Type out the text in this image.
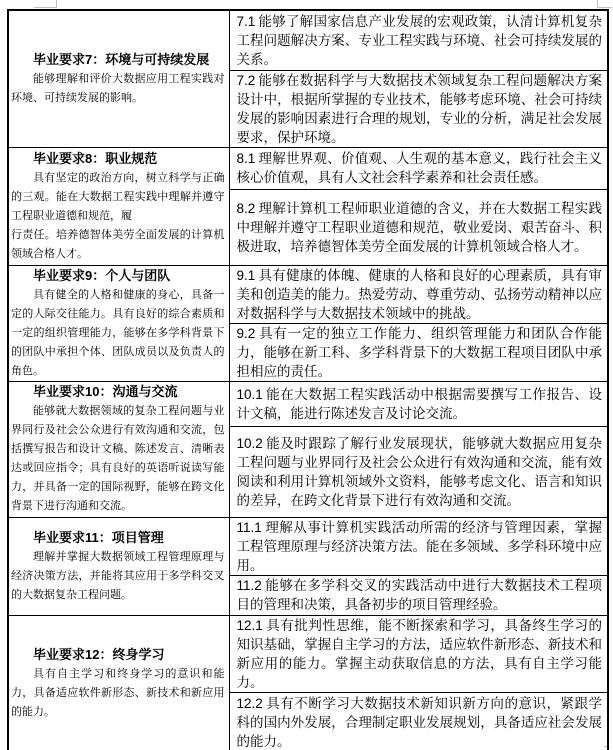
毕业要求7：环境与可持续发展

能够理解和评价大数据应用工程实践对环境、可持续发展的影响。	7.1 能够了解国家信息产业发展的宏观政策，认清计算机复杂工程问题解决方案、专业工程实践与环境、社会可持续发展的关系。
	7.2 能够在数据科学与大数据技术领域复杂工程问题解决方案设计中，根据所掌握的专业技术，能够考虑环境、社会可持续发展的影响因素进行合理的规划，专业的分析，满足社会发展要求，保护环境。

毕业要求8：职业规范

具有坚定的政治方向，树立科学与正确的三观。能在大数据工程实践中理解并遵守工程职业道德和规范，履

行责任。培养德智体美劳全面发展的计算机领域合格人才。	8.1 理解世界观、价值观、人生观的基本意义，践行社会主义核心价值观，具有人文社会科学素养和社会责任感。
	8.2 理解计算机工程师职业道德的含义，并在大数据工程实践中理解并遵守工程职业道德和规范，敬业爱岗、艰苦奋斗、积极进取，培养德智体美劳全面发展的计算机领域合格人才。

毕业要求9：个人与团队

具有健全的人格和健康的身心，具备一定的人际交往能力。具有良好的综合素质和一定的组织管理能力，能够在多学科背景下的团队中承担个体、团队成员以及负责人的角色。	9.1 具有健康的体魄、健康的人格和良好的心理素质，具有审美和创造美的能力。热爱劳动、尊重劳动、弘扬劳动精神以应对数据科学与大数据技术领域中的挑战。
	9.2 具有一定的独立工作能力、组织管理能力和团队合作能力，能够在新工科、多学科背景下的大数据工程项目团队中承担相应的责任。

毕业要求10：沟通与交流

能够就大数据领域的复杂工程问题与业界同行及社会公众进行有效沟通和交流，包括撰写报告和设计文稿、陈述发言、清晰表达或回应指令；具有良好的英语听说读写能力，并具备一定的国际视野，能够在跨文化背景下进行沟通和交流。	10.1 能在大数据工程实践活动中根据需要撰写工作报告、设计文稿，能进行陈述发言及讨论交流。
	10.2 能及时跟踪了解行业发展现状，能够就大数据应用复杂工程问题与业界同行及社会公众进行有效沟通和交流，能有效阅读和利用计算机领域外文资料，能够考虑文化、语言和知识的差异，在跨文化背景下进行有效沟通和交流。

毕业要求11：项目管理

理解并掌握大数据领域工程管理原理与经济决策方法，并能将其应用于多学科交叉的大数据复杂工程问题。	11.1 理解从事计算机实践活动所需的经济与管理因素，掌握工程管理原理与经济决策方法。能在多领域、多学科环境中应用。
	11.2 能够在多学科交叉的实践活动中进行大数据技术工程项目的管理和决策，具备初步的项目管理经验。

毕业要求12：终身学习

具有自主学习和终身学习的意识和能力，具备适应软件新形态、新技术和新应用的能力。	12.1 具有批判性思维，能不断探索和学习，具备终生学习的知识基础，掌握自主学习的方法，适应软件新形态、新技术和新应用的能力。掌握主动获取信息的方法，具有自主学习能力。
	12.2 具有不断学习大数据技术新知识新方向的意识，紧跟学科的国内外发展，合理制定职业发展规划，具备适应社会发展的能力。
